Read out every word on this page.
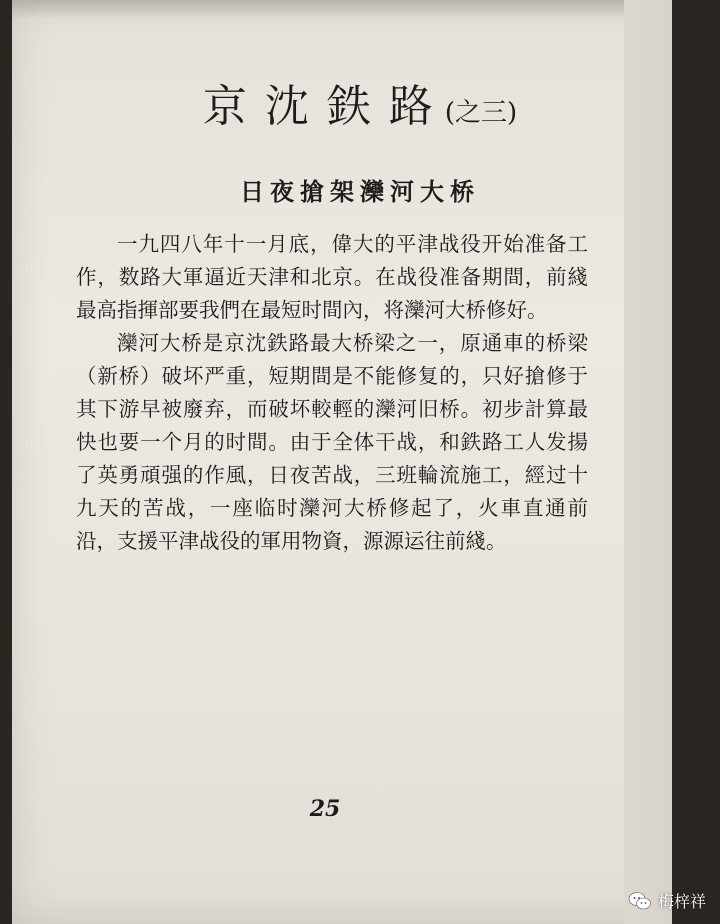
京沈鉄路(之三)
日夜搶架灤河大桥

一九四八年十一月底，偉大的平津战役开始准备工作，数路大軍逼近天津和北京。在战役准备期間，前綫最高指揮部要我們在最短时間內，将灤河大桥修好。

灤河大桥是京沈鉄路最大桥梁之一，原通車的桥梁（新桥）破坏严重，短期間是不能修复的，只好搶修于其下游早被廢弃，而破坏較輕的灤河旧桥。初步計算最快也要一个月的时間。由于全体干战，和鉄路工人发揚了英勇頑强的作風，日夜苦战，三班輪流施工，經过十九天的苦战，一座临时灤河大桥修起了，火車直通前沿，支援平津战役的軍用物資，源源运往前綫。

25
梅梓祥
